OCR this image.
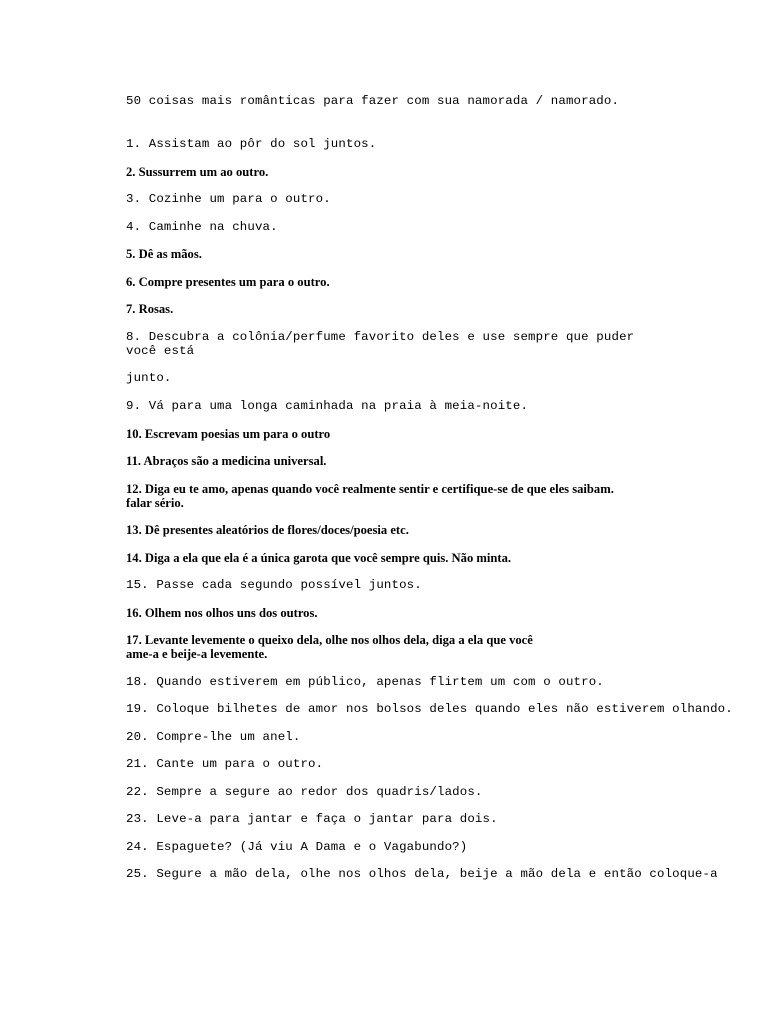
50 coisas mais românticas para fazer com sua namorada / namorado.

1. Assistam ao pôr do sol juntos.

2. Sussurrem um ao outro.

3. Cozinhe um para o outro.

4. Caminhe na chuva.

5. Dê as mãos.

6. Compre presentes um para o outro.

7. Rosas.

8. Descubra a colônia/perfume favorito deles e use sempre que puder

você está

junto.

9. Vá para uma longa caminhada na praia à meia-noite.

10. Escrevam poesias um para o outro

11. Abraços são a medicina universal.

12. Diga eu te amo, apenas quando você realmente sentir e certifique-se de que eles saibam.

falar sério.

13. Dê presentes aleatórios de flores/doces/poesia etc.

14. Diga a ela que ela é a única garota que você sempre quis. Não minta.

15. Passe cada segundo possível juntos.

16. Olhem nos olhos uns dos outros.

17. Levante levemente o queixo dela, olhe nos olhos dela, diga a ela que você

ame-a e beije-a levemente.

18. Quando estiverem em público, apenas flirtem um com o outro.

19. Coloque bilhetes de amor nos bolsos deles quando eles não estiverem olhando.

20. Compre-lhe um anel.

21. Cante um para o outro.

22. Sempre a segure ao redor dos quadris/lados.

23. Leve-a para jantar e faça o jantar para dois.

24. Espaguete? (Já viu A Dama e o Vagabundo?)

25. Segure a mão dela, olhe nos olhos dela, beije a mão dela e então coloque-a
